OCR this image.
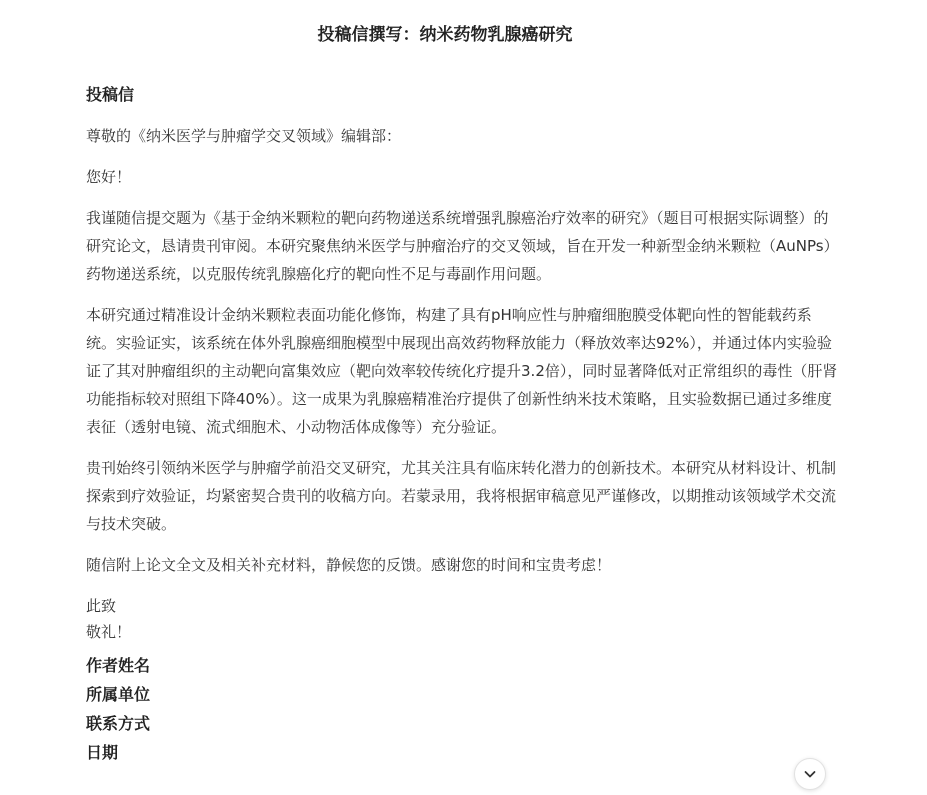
投稿信撰写：纳米药物乳腺癌研究
投稿信

尊敬的《纳米医学与肿瘤学交叉领域》编辑部：

您好！

我谨随信提交题为《基于金纳米颗粒的靶向药物递送系统增强乳腺癌治疗效率的研究》（题目可根据实际调整）的研究论文，恳请贵刊审阅。本研究聚焦纳米医学与肿瘤治疗的交叉领域，旨在开发一种新型金纳米颗粒（AuNPs）药物递送系统，以克服传统乳腺癌化疗的靶向性不足与毒副作用问题。

本研究通过精准设计金纳米颗粒表面功能化修饰，构建了具有pH响应性与肿瘤细胞膜受体靶向性的智能载药系统。实验证实，该系统在体外乳腺癌细胞模型中展现出高效药物释放能力（释放效率达92%），并通过体内实验验证了其对肿瘤组织的主动靶向富集效应（靶向效率较传统化疗提升3.2倍），同时显著降低对正常组织的毒性（肝肾功能指标较对照组下降40%）。这一成果为乳腺癌精准治疗提供了创新性纳米技术策略，且实验数据已通过多维度表征（透射电镜、流式细胞术、小动物活体成像等）充分验证。

贵刊始终引领纳米医学与肿瘤学前沿交叉研究，尤其关注具有临床转化潜力的创新技术。本研究从材料设计、机制探索到疗效验证，均紧密契合贵刊的收稿方向。若蒙录用，我将根据审稿意见严谨修改，以期推动该领域学术交流与技术突破。

随信附上论文全文及相关补充材料，静候您的反馈。感谢您的时间和宝贵考虑！

此致

敬礼！

作者姓名

所属单位

联系方式

日期
